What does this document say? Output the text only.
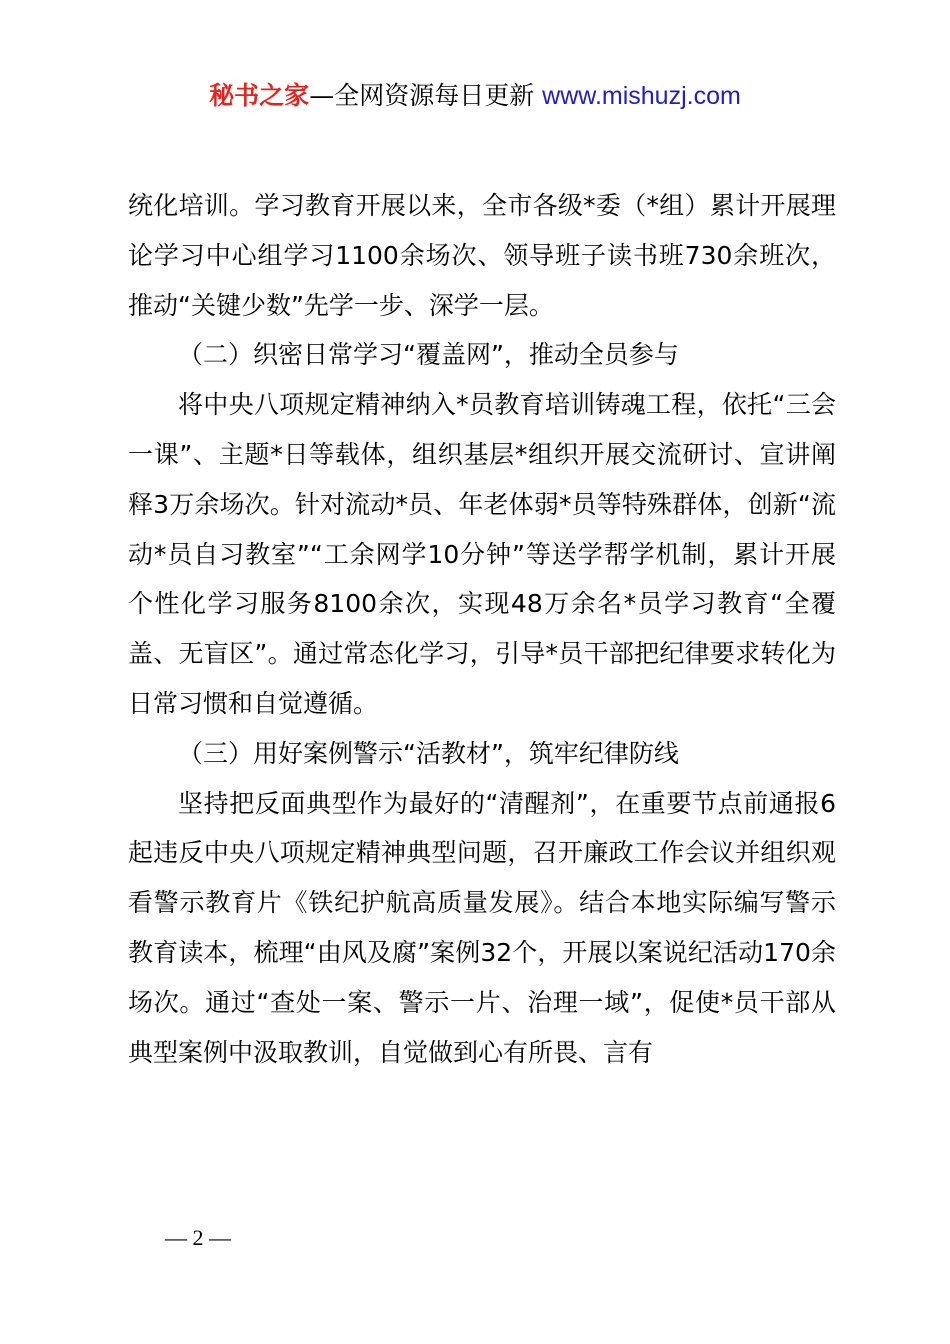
秘书之家—全网资源每日更新 www.mishuzj.com

统化培训。学习教育开展以来，全市各级*委（*组）累计开展理论学习中心组学习1100余场次、领导班子读书班730余班次，推动“关键少数”先学一步、深学一层。

（二）织密日常学习“覆盖网”，推动全员参与

将中央八项规定精神纳入*员教育培训铸魂工程，依托“三会一课”、主题*日等载体，组织基层*组织开展交流研讨、宣讲阐释3万余场次。针对流动*员、年老体弱*员等特殊群体，创新“流动*员自习教室”“工余网学10分钟”等送学帮学机制，累计开展个性化学习服务8100余次，实现48万余名*员学习教育“全覆盖、无盲区”。通过常态化学习，引导*员干部把纪律要求转化为日常习惯和自觉遵循。

（三）用好案例警示“活教材”，筑牢纪律防线

坚持把反面典型作为最好的“清醒剂”，在重要节点前通报6起违反中央八项规定精神典型问题，召开廉政工作会议并组织观看警示教育片《铁纪护航高质量发展》。结合本地实际编写警示教育读本，梳理“由风及腐”案例32个，开展以案说纪活动170余场次。通过“查处一案、警示一片、治理一域”，促使*员干部从典型案例中汲取教训，自觉做到心有所畏、言有

— 2 —
